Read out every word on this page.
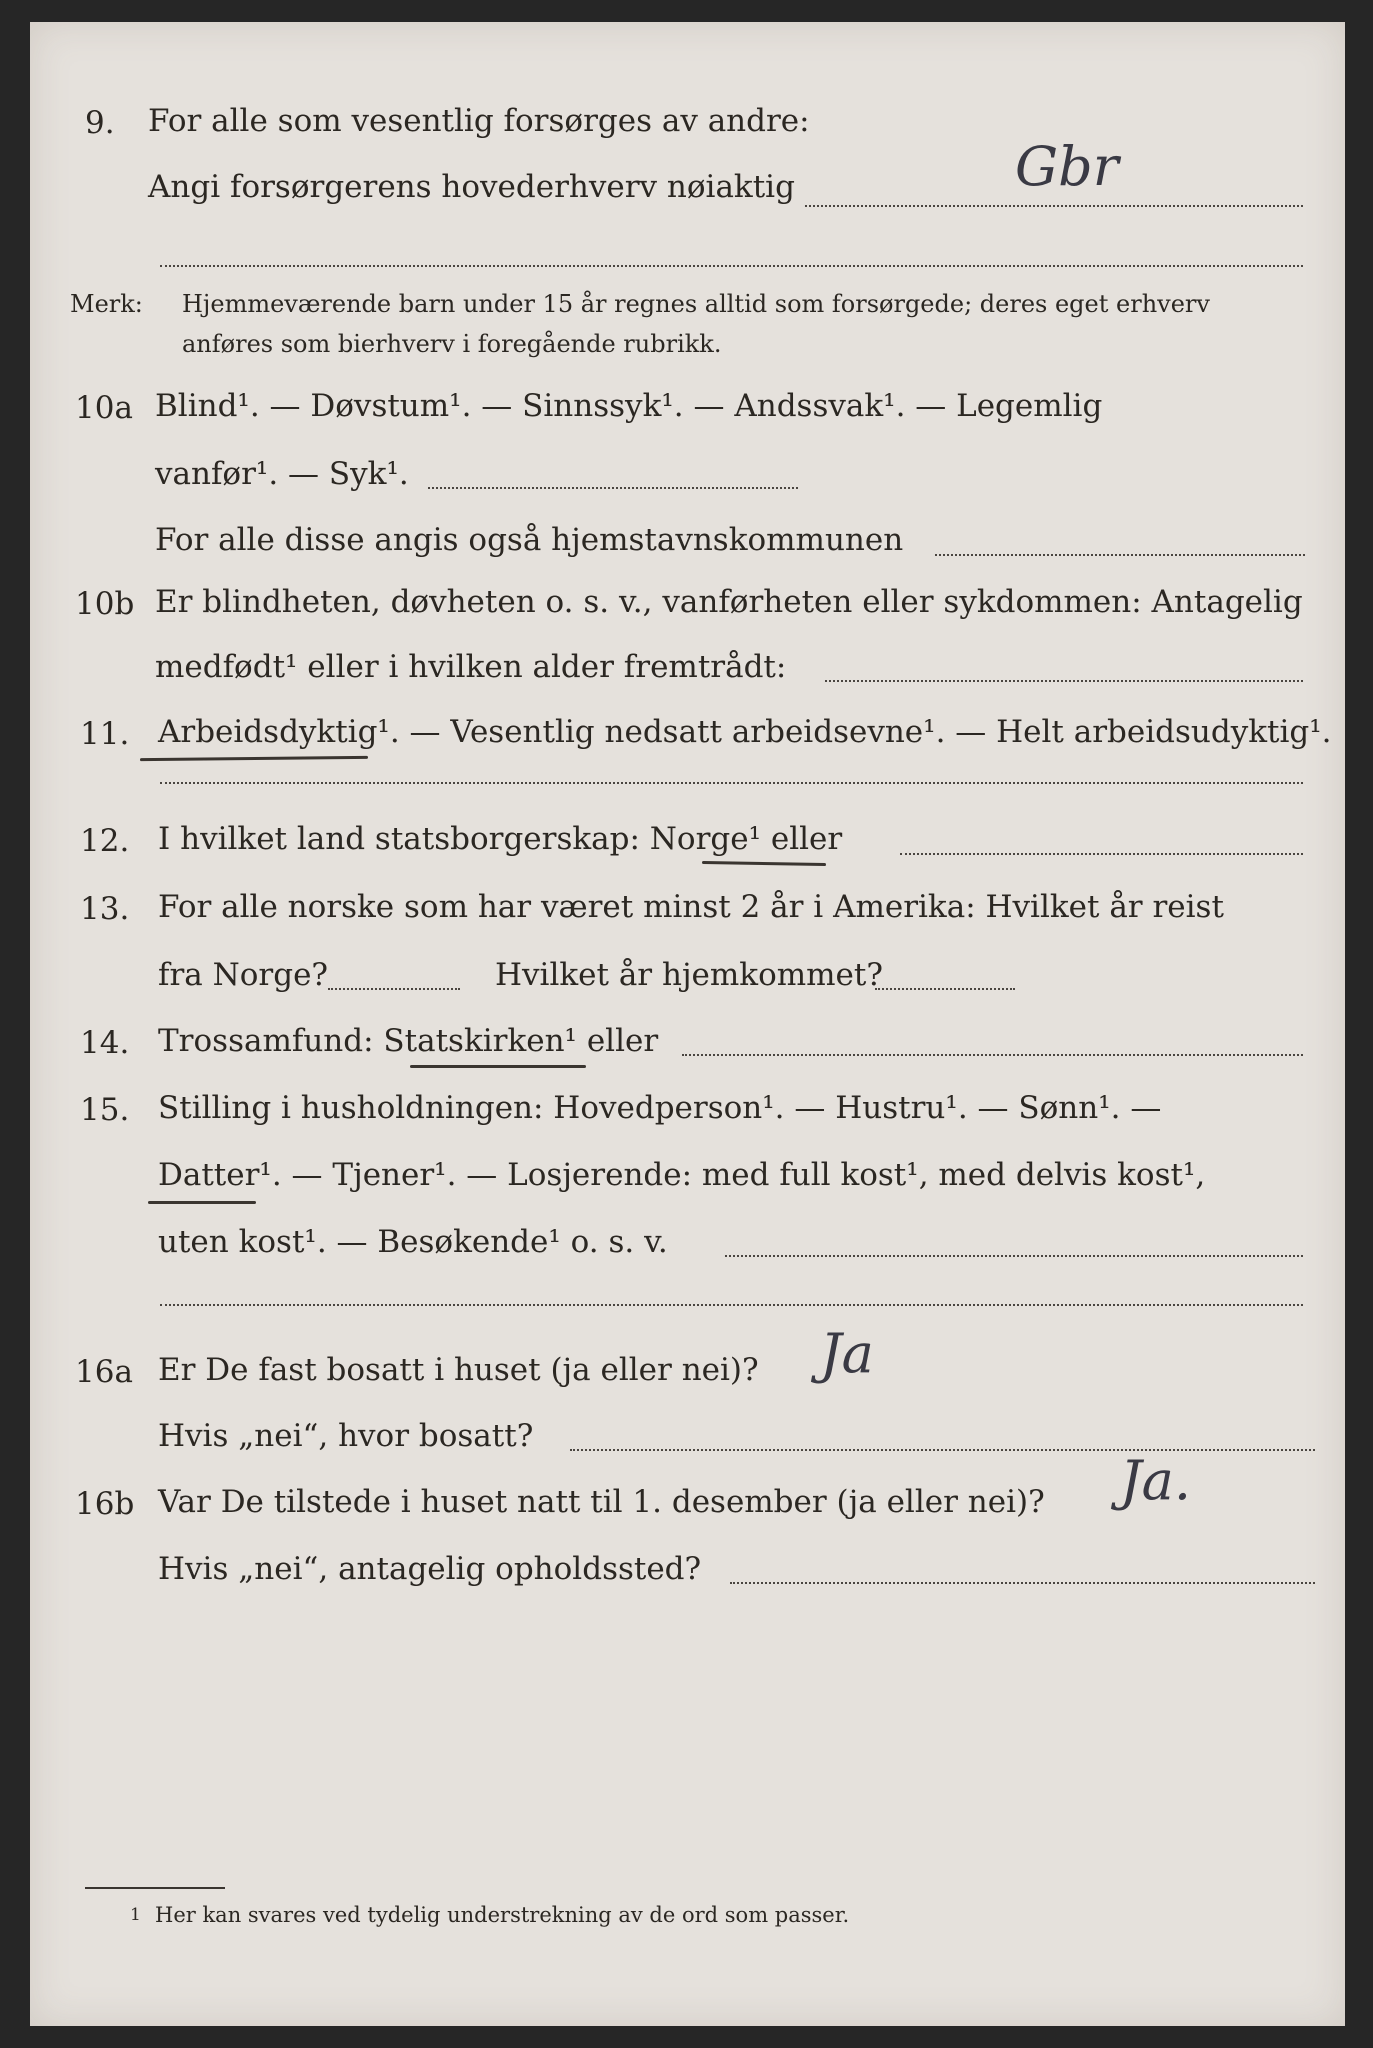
9. For alle som vesentlig forsørges av andre:
Angi forsørgerens hovederhverv nøiaktig	Gbr
Merk: Hjemmeværende barn under 15 år regnes alltid som forsørgede; deres eget erhverv
anføres som bierhverv i foregående rubrikk.
10a Blind¹. — Døvstum¹. — Sinnssyk¹. — Andssvak¹. — Legemlig
vanfør¹. — Syk¹.
For alle disse angis også hjemstavnskommunen
10b Er blindheten, døvheten o. s. v., vanførheten eller sykdommen: Antagelig
medfødt¹ eller i hvilken alder fremtrådt:
11. Arbeidsdyktig¹. — Vesentlig nedsatt arbeidsevne¹. — Helt arbeidsudyktig¹.
12. I hvilket land statsborgerskap: Norge¹ eller
13. For alle norske som har været minst 2 år i Amerika: Hvilket år reist
fra Norge?	Hvilket år hjemkommet?
14. Trossamfund: Statskirken¹ eller
15. Stilling i husholdningen: Hovedperson¹. — Hustru¹. — Sønn¹. —
Datter¹. — Tjener¹. — Losjerende: med full kost¹, med delvis kost¹,
uten kost¹. — Besøkende¹ o. s. v.
16a Er De fast bosatt i huset (ja eller nei)? Ja
Hvis „nei“, hvor bosatt?
16b Var De tilstede i huset natt til 1. desember (ja eller nei)? Ja.
Hvis „nei“, antagelig opholdssted?
1 Her kan svares ved tydelig understrekning av de ord som passer.
